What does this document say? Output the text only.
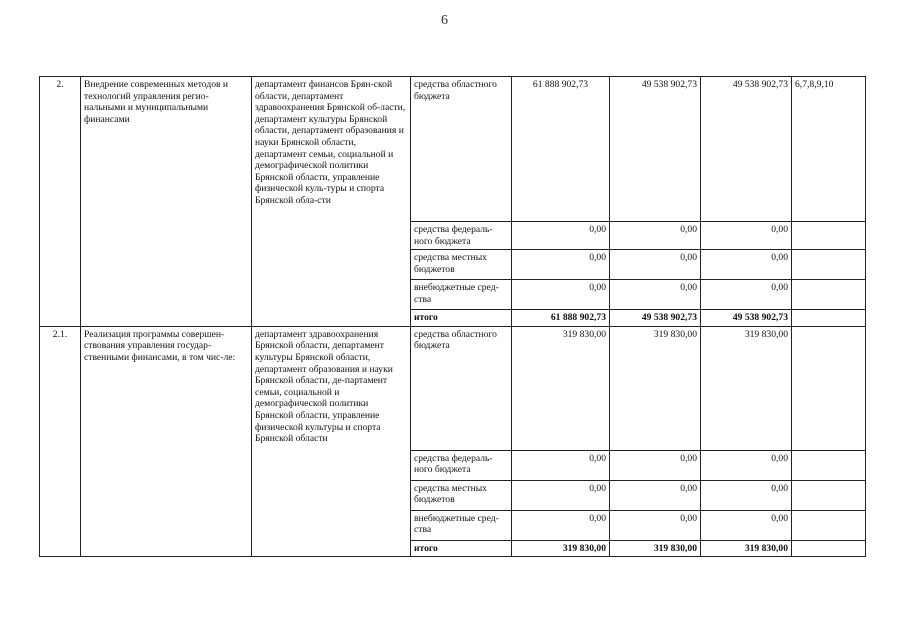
6
2.	Внедрение современных методов и технологий управления регио-нальными и муниципальными финансами	департамент финансов Брян-ской области, департамент здравоохранения Брянской об-ласти, департамент культуры Брянской области, департамент образования и науки Брянской области, департамент семьи, социальной и демографической политики Брянской области, управление физической куль-туры и спорта Брянской обла-сти	средства областного бюджета	61 888 902,73	49 538 902,73	49 538 902,73	6,7,8,9,10
			средства федераль-ного бюджета	0,00	0,00	0,00	
			средства местных бюджетов	0,00	0,00	0,00	
			внебюджетные сред-ства	0,00	0,00	0,00	
			итого	61 888 902,73	49 538 902,73	49 538 902,73	
2.1.	Реализация программы совершен-ствования управления государ-ственными финансами, в том чис-ле:	департамент здравоохранения Брянской области, департамент культуры Брянской области, департамент образования и науки Брянской области, де-партамент семьи, социальной и демографической политики Брянской области, управление физической культуры и спорта Брянской области	средства областного бюджета	319 830,00	319 830,00	319 830,00	
			средства федераль-ного бюджета	0,00	0,00	0,00	
			средства местных бюджетов	0,00	0,00	0,00	
			внебюджетные сред-ства	0,00	0,00	0,00	
			итого	319 830,00	319 830,00	319 830,00	
